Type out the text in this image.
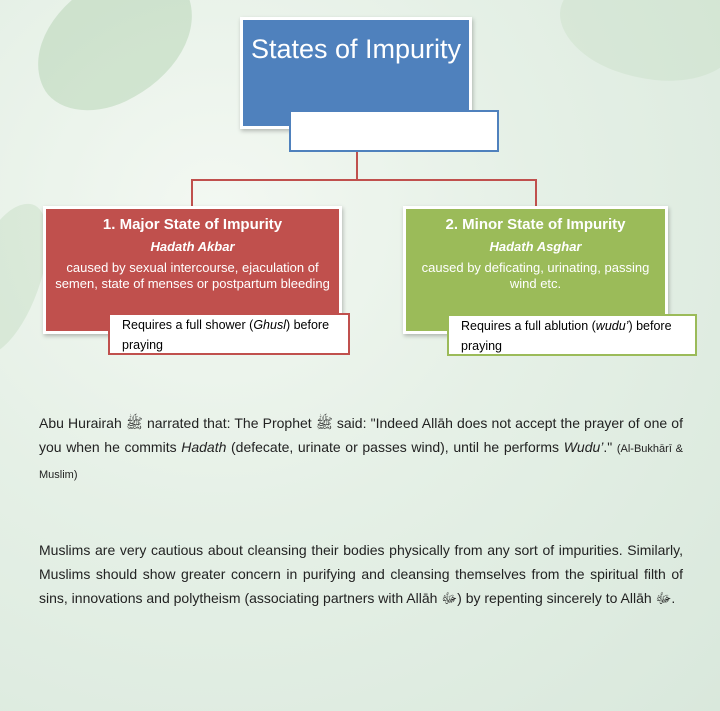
States of Impurity
1. Major State of Impurity
Hadath Akbar
caused by sexual intercourse, ejaculation of semen, state of menses or postpartum bleeding
Requires a full shower (Ghusl) before praying
2. Minor State of Impurity
Hadath Asghar
caused by deficating, urinating, passing wind etc.
Requires a full ablution (wudu’) before praying

Abu Hurairah ﷺ narrated that: The Prophet ﷺ said: "Indeed Allāh does not accept the prayer of one of you when he commits Hadath (defecate, urinate or passes wind), until he performs Wudu’." (Al-Bukhārī & Muslim)

Muslims are very cautious about cleansing their bodies physically from any sort of impurities. Similarly, Muslims should show greater concern in purifying and cleansing themselves from the spiritual filth of sins, innovations and polytheism (associating partners with Allāh ﷻ) by repenting sincerely to Allāh ﷻ.
